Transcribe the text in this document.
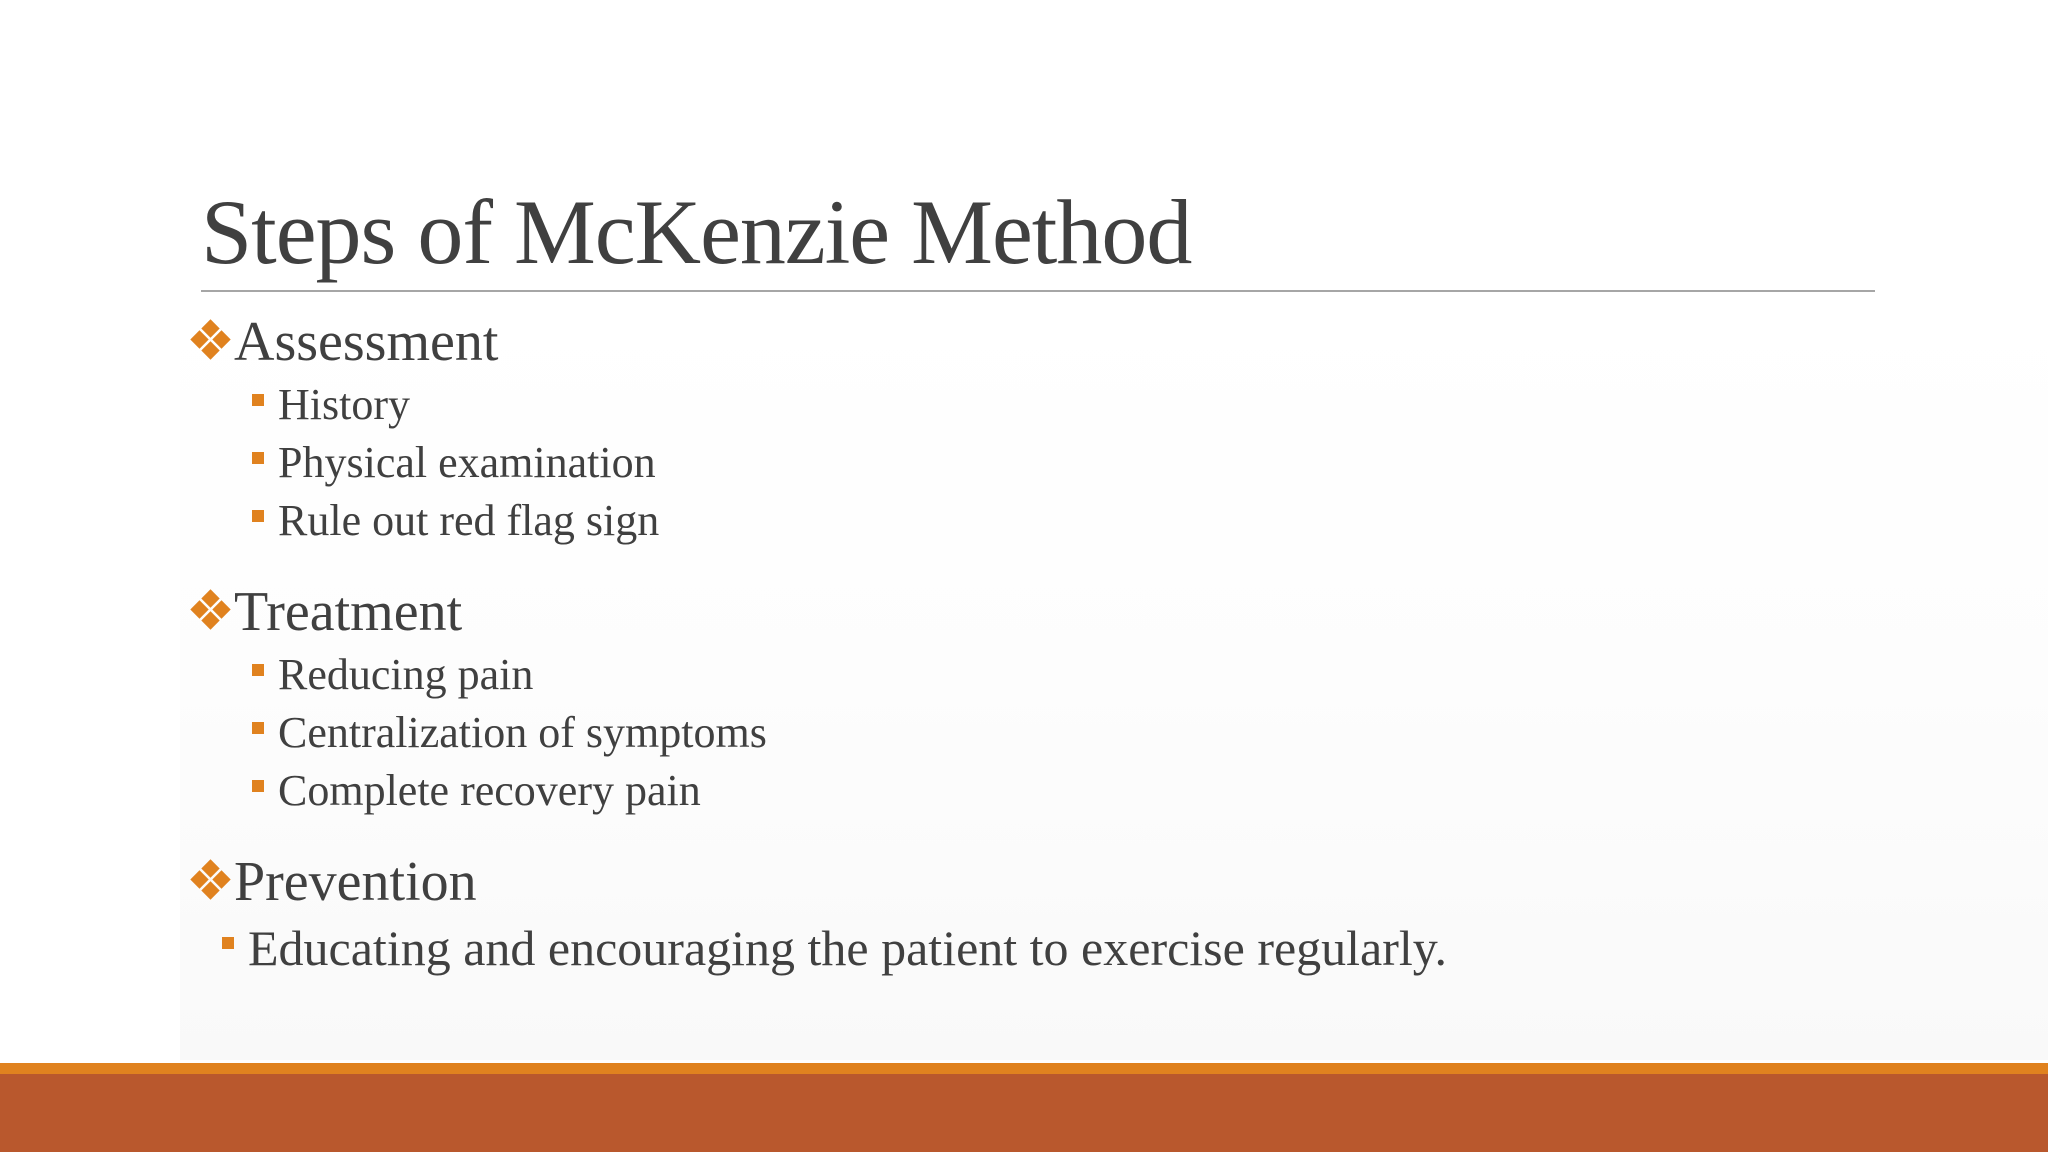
Steps of McKenzie Method
Assessment
History
Physical examination
Rule out red flag sign
Treatment
Reducing pain
Centralization of symptoms
Complete recovery pain
Prevention
Educating and encouraging the patient to exercise regularly.
